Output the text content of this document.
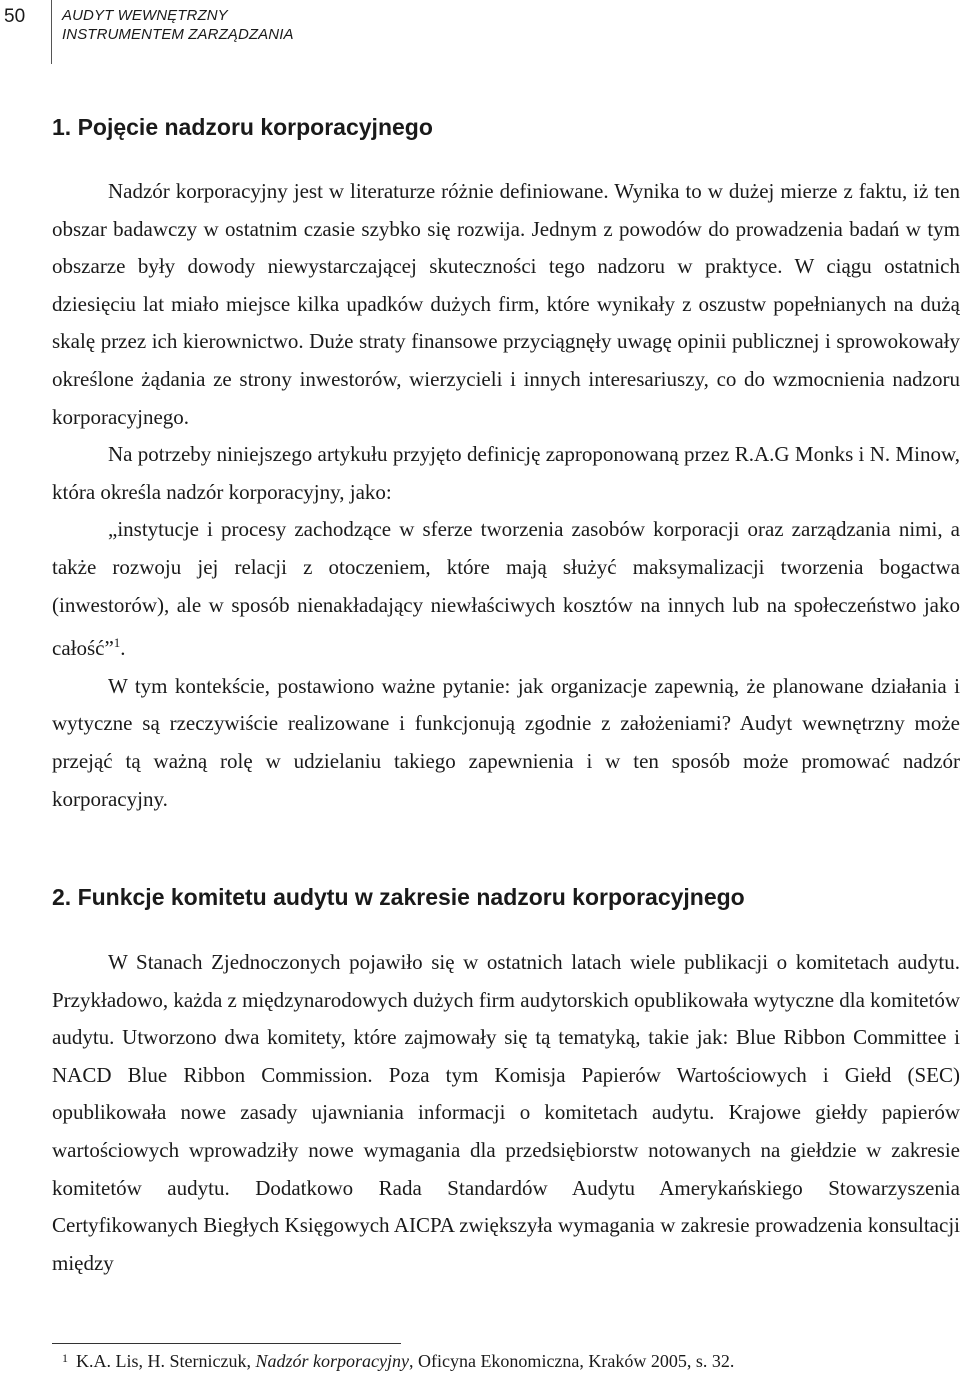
50 AUDYT WEWNĘTRZNY
INSTRUMENTEM ZARZĄDZANIA
1. Pojęcie nadzoru korporacyjnego

Nadzór korporacyjny jest w literaturze różnie definiowane. Wynika to w dużej mierze z faktu, iż ten obszar badawczy w ostatnim czasie szybko się rozwija. Jednym z powodów do prowadzenia badań w tym obszarze były dowody niewystarczającej skuteczności tego nadzoru w praktyce. W ciągu ostatnich dziesięciu lat miało miejsce kilka upadków dużych firm, które wynikały z oszustw popełnianych na dużą skalę przez ich kierownictwo. Duże straty finansowe przyciągnęły uwagę opinii publicznej i sprowokowały określone żądania ze strony inwestorów, wierzycieli i innych interesariuszy, co do wzmocnienia nadzoru korporacyjnego.

Na potrzeby niniejszego artykułu przyjęto definicję zaproponowaną przez R.A.G Monks i N. Minow, która określa nadzór korporacyjny, jako:

„instytucje i procesy zachodzące w sferze tworzenia zasobów korporacji oraz zarządzania nimi, a także rozwoju jej relacji z otoczeniem, które mają służyć maksymalizacji tworzenia bogactwa (inwestorów), ale w sposób nienakładający niewłaściwych kosztów na innych lub na społeczeństwo jako całość”$^1$.

W tym kontekście, postawiono ważne pytanie: jak organizacje zapewnią, że planowane działania i wytyczne są rzeczywiście realizowane i funkcjonują zgodnie z założeniami? Audyt wewnętrzny może przejąć tą ważną rolę w udzielaniu takiego zapewnienia i w ten sposób może promować nadzór korporacyjny.

2. Funkcje komitetu audytu w zakresie nadzoru korporacyjnego

W Stanach Zjednoczonych pojawiło się w ostatnich latach wiele publikacji o komitetach audytu. Przykładowo, każda z międzynarodowych dużych firm audytorskich opublikowała wytyczne dla komitetów audytu. Utworzono dwa komitety, które zajmowały się tą tematyką, takie jak: Blue Ribbon Committee i NACD Blue Ribbon Commission. Poza tym Komisja Papierów Wartościowych i Giełd (SEC) opublikowała nowe zasady ujawniania informacji o komitetach audytu. Krajowe giełdy papierów wartościowych wprowadziły nowe wymagania dla przedsiębiorstw notowanych na giełdzie w zakresie komitetów audytu. Dodatkowo Rada Standardów Audytu Amerykańskiego Stowarzyszenia Certyfikowanych Biegłych Księgowych AICPA zwiększyła wymagania w zakresie prowadzenia konsultacji między

1 K.A. Lis, H. Sterniczuk, Nadzór korporacyjny, Oficyna Ekonomiczna, Kraków 2005, s. 32.
